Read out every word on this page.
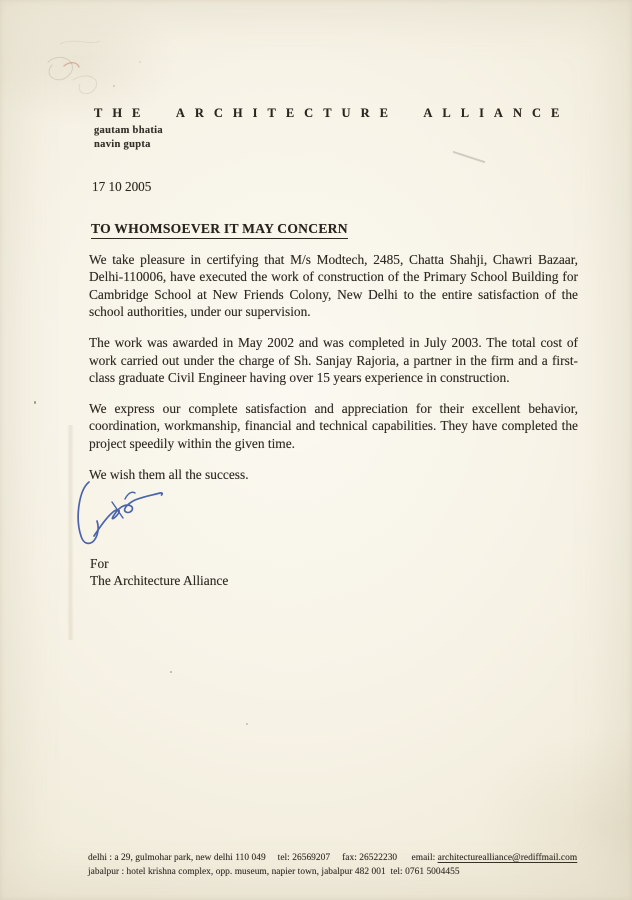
THE ARCHITECTURE ALLIANCE
gautam bhatia
navin gupta
17 10 2005
TO WHOMSOEVER IT MAY CONCERN

We take pleasure in certifying that M/s Modtech, 2485, Chatta Shahji, Chawri Bazaar, Delhi-110006, have executed the work of construction of the Primary School Building for Cambridge School at New Friends Colony, New Delhi to the entire satisfaction of the school authorities, under our supervision.

The work was awarded in May 2002 and was completed in July 2003. The total cost of work carried out under the charge of Sh. Sanjay Rajoria, a partner in the firm and a first-class graduate Civil Engineer having over 15 years experience in construction.

We express our complete satisfaction and appreciation for their excellent behavior, coordination, workmanship, financial and technical capabilities. They have completed the project speedily within the given time.

We wish them all the success.

For
The Architecture Alliance
delhi : a 29, gulmohar park, new delhi 110 049     tel: 26569207     fax: 26522230      email: architecturealliance@rediffmail.com
jabalpur : hotel krishna complex, opp. museum, napier town, jabalpur 482 001  tel: 0761 5004455
